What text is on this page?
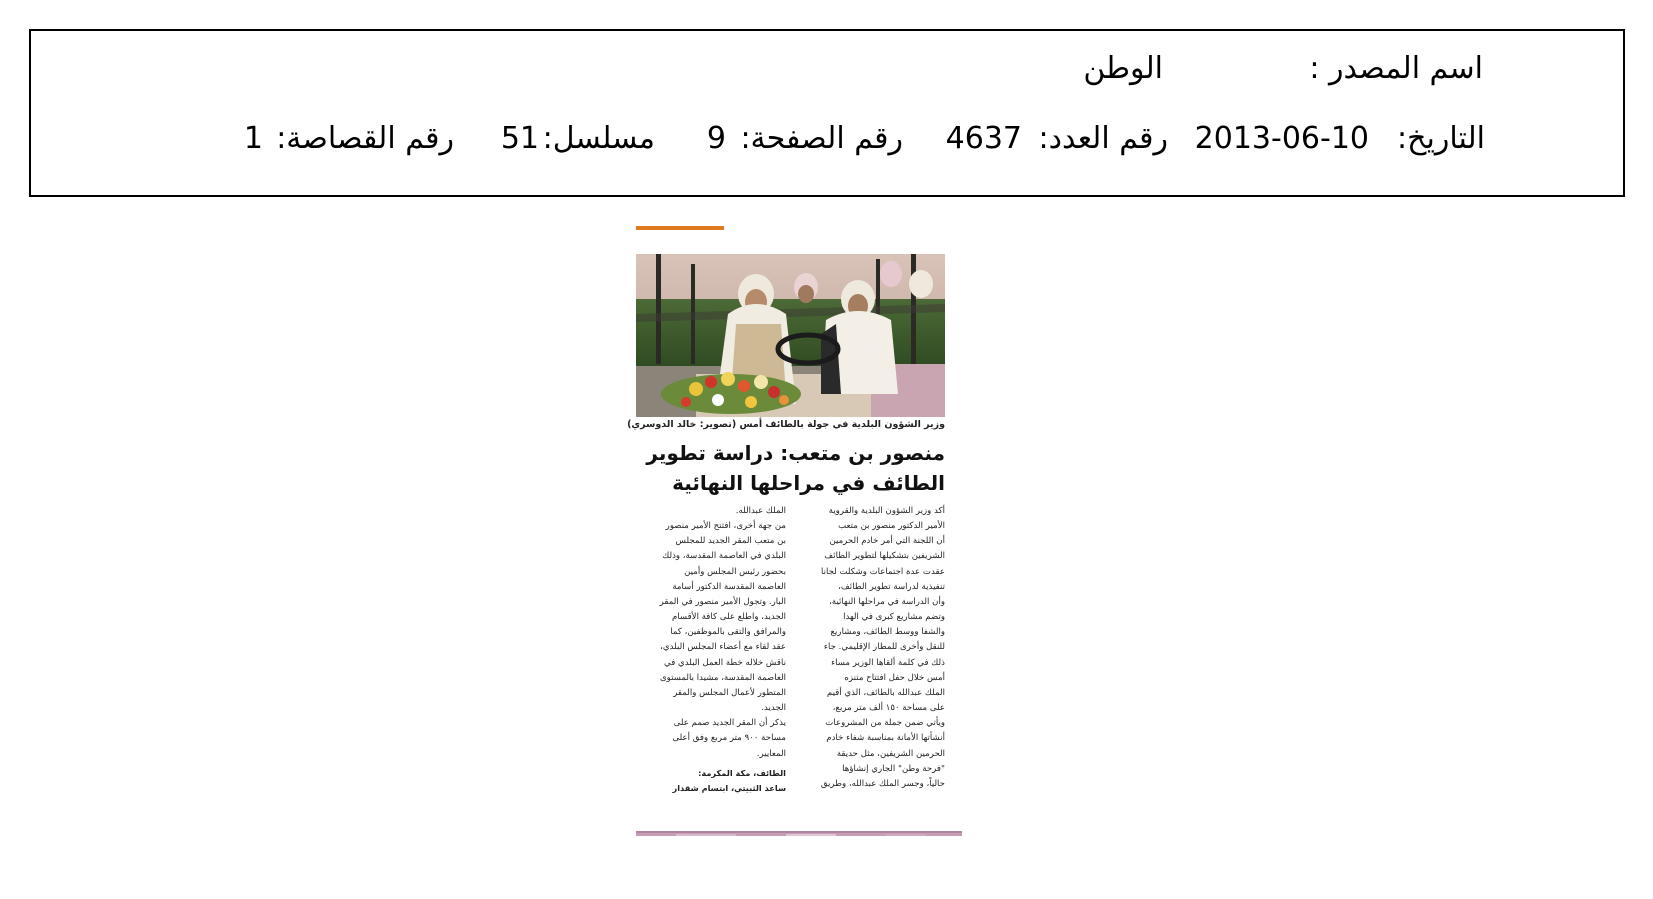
اسم المصدر :
الوطن
التاريخ:
2013-06-10
رقم العدد:
4637
رقم الصفحة:
9
مسلسل:
51
رقم القصاصة:
1
وزير الشؤون البلدية في جولة بالطائف أمس (تصوير: خالد الدوسري)
منصور بن متعب: دراسة تطوير
الطائف في مراحلها النهائية
أكد وزير الشؤون البلدية والقروية
الأمير الدكتور منصور بن متعب
أن اللجنة التي أمر خادم الحرمين
الشريفين بتشكيلها لتطوير الطائف
عقدت عدة اجتماعات وشكلت لجانا
تنفيذية لدراسة تطوير الطائف،
وأن الدراسة في مراحلها النهائية،
وتضم مشاريع كبرى في الهدا
والشفا ووسط الطائف، ومشاريع
للنقل وأخرى للمطار الإقليمي. جاء
ذلك في كلمة ألقاها الوزير مساء
أمس خلال حفل افتتاح متنزه
الملك عبدالله بالطائف، الذي أقيم
على مساحة ١٥٠ ألف متر مربع،
ويأتي ضمن جملة من المشروعات
أنشأتها الأمانة بمناسبة شفاء خادم
الحرمين الشريفين، مثل حديقة
"فرحة وطن" الجاري إنشاؤها
حالياً، وجسر الملك عبدالله، وطريق
الملك عبدالله.
من جهة أخرى، افتتح الأمير منصور
بن متعب المقر الجديد للمجلس
البلدي في العاصمة المقدسة، وذلك
بحضور رئيس المجلس وأمين
العاصمة المقدسة الدكتور أسامة
البار. وتجول الأمير منصور في المقر
الجديد، واطلع على كافة الأقسام
والمرافق والتقى بالموظفين، كما
عقد لقاء مع أعضاء المجلس البلدي،
ناقش خلاله خطة العمل البلدي في
العاصمة المقدسة، مشيدا بالمستوى
المتطور لأعمال المجلس والمقر
الجديد.
يذكر أن المقر الجديد صمم على
مساحة ٩٠٠ متر مربع وفق أعلى
المعايير.
الطائف، مكة المكرمة:
ساعد الثبيتي، ابتسام شقدار
